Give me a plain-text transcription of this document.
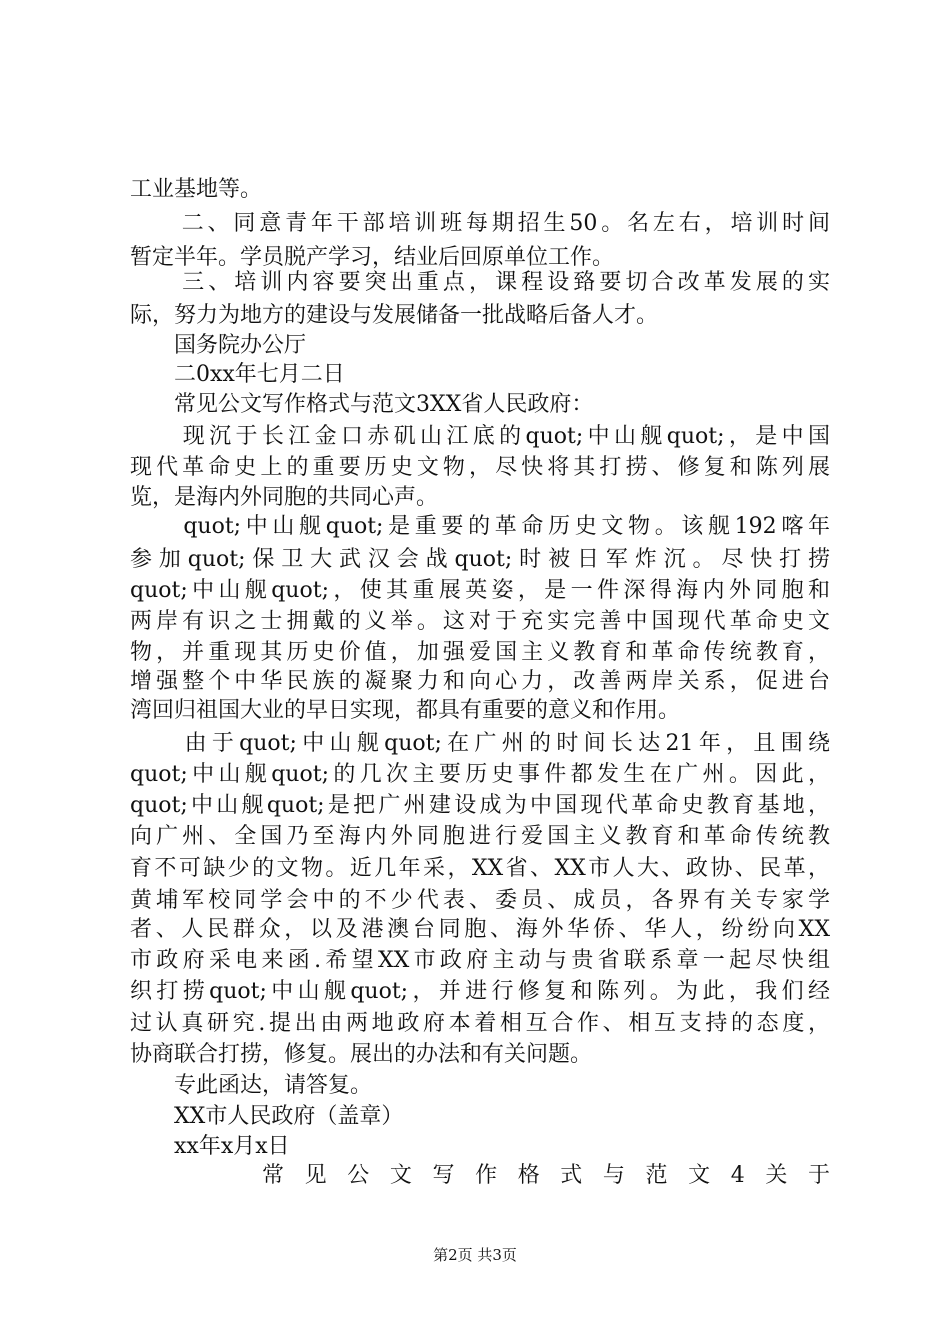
工业基地等。
　　二、同意青年干部培训班每期招生50。名左右，培训时间
暂定半年。学员脱产学习，结业后回原单位工作。
　　三、培训内容要突出重点，课程设臵要切合改革发展的实
际，努力为地方的建设与发展储备一批战略后备人才。
　　国务院办公厅
　　二0xx年七月二日
　　常见公文写作格式与范文3XX省人民政府：
　　现沉于长江金口赤矶山江底的quot;中山舰quot;，是中国
现代革命史上的重要历史文物，尽快将其打捞、修复和陈列展
览，是海内外同胞的共同心声。
　　quot;中山舰quot;是重要的革命历史文物。该舰192喀年
参加quot;保卫大武汉会战quot;时被日军炸沉。尽快打捞
quot;中山舰quot;，使其重展英姿，是一件深得海内外同胞和
两岸有识之士拥戴的义举。这对于充实完善中国现代革命史文
物，并重现其历史价值，加强爱国主义教育和革命传统教育，
增强整个中华民族的凝聚力和向心力，改善两岸关系，促进台
湾回归祖国大业的早日实现，都具有重要的意义和作用。
　　由于quot;中山舰quot;在广州的时间长达21年，且围绕
quot;中山舰quot;的几次主要历史事件都发生在广州。因此，
quot;中山舰quot;是把广州建设成为中国现代革命史教育基地，
向广州、全国乃至海内外同胞进行爱国主义教育和革命传统教
育不可缺少的文物。近几年采，XX省、XX市人大、政协、民革，
黄埔军校同学会中的不少代表、委员、成员，各界有关专家学
者、人民群众，以及港澳台同胞、海外华侨、华人，纷纷向XX
市政府采电来函.希望XX市政府主动与贵省联系章一起尽快组
织打捞quot;中山舰quot;，并进行修复和陈列。为此，我们经
过认真研究.提出由两地政府本着相互合作、相互支持的态度，
协商联合打捞，修复。展出的办法和有关问题。
　　专此函达，请答复。
　　XX市人民政府（盖章）
　　xx年x月x日
常见公文写作格式与范文4关于
第2页 共3页
